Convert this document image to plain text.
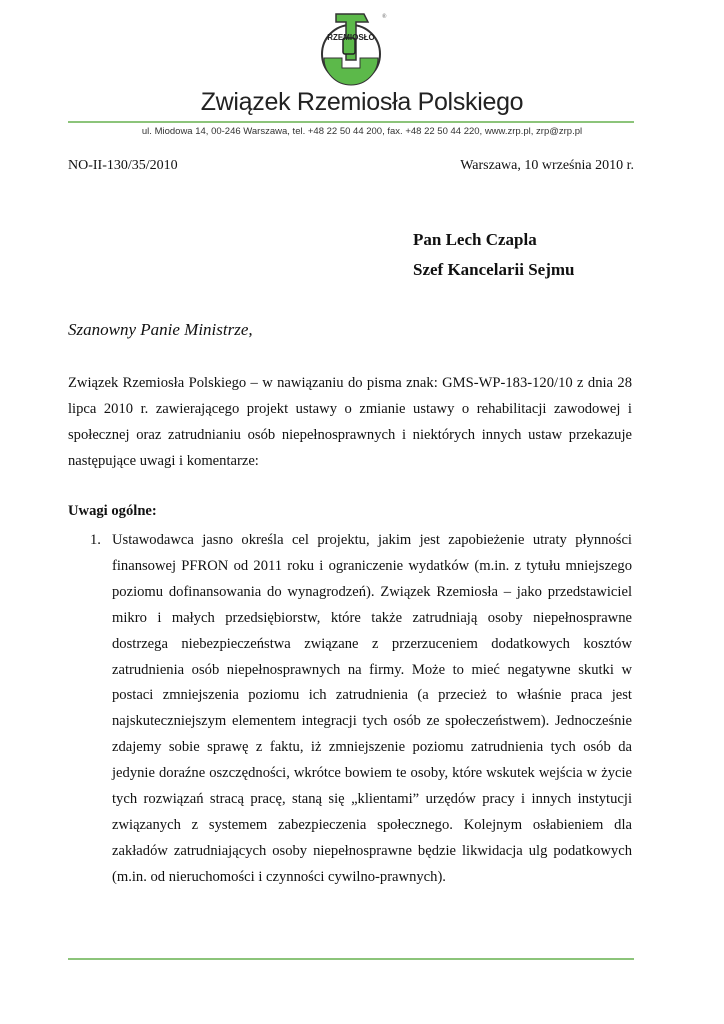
RZEMIOSŁO
®
Związek Rzemiosła Polskiego
ul. Miodowa 14, 00-246 Warszawa, tel. +48 22 50 44 200, fax. +48 22 50 44 220, www.zrp.pl, zrp@zrp.pl
NO-II-130/35/2010	Warszawa, 10 września 2010 r.
Pan Lech Czapla
Szef Kancelarii Sejmu
Szanowny Panie Ministrze,
Związek Rzemiosła Polskiego – w nawiązaniu do pisma znak: GMS-WP-183-120/10 z dnia 28 lipca 2010 r. zawierającego projekt ustawy o zmianie ustawy o rehabilitacji zawodowej i społecznej oraz zatrudnianiu osób niepełnosprawnych i niektórych innych ustaw przekazuje następujące uwagi i komentarze:
Uwagi ogólne:
1. Ustawodawca jasno określa cel projektu, jakim jest zapobieżenie utraty płynności finansowej PFRON od 2011 roku i ograniczenie wydatków (m.in. z tytułu mniejszego poziomu dofinansowania do wynagrodzeń). Związek Rzemiosła – jako przedstawiciel mikro i małych przedsiębiorstw, które także zatrudniają osoby niepełnosprawne dostrzega niebezpieczeństwa związane z przerzuceniem dodatkowych kosztów zatrudnienia osób niepełnosprawnych na firmy. Może to mieć negatywne skutki w postaci zmniejszenia poziomu ich zatrudnienia (a przecież to właśnie praca jest najskuteczniejszym elementem integracji tych osób ze społeczeństwem). Jednocześnie zdajemy sobie sprawę z faktu, iż zmniejszenie poziomu zatrudnienia tych osób da jedynie doraźne oszczędności, wkrótce bowiem te osoby, które wskutek wejścia w życie tych rozwiązań stracą pracę, staną się „klientami” urzędów pracy i innych instytucji związanych z systemem zabezpieczenia społecznego. Kolejnym osłabieniem dla zakładów zatrudniających osoby niepełnosprawne będzie likwidacja ulg podatkowych (m.in. od nieruchomości i czynności cywilno-prawnych).
